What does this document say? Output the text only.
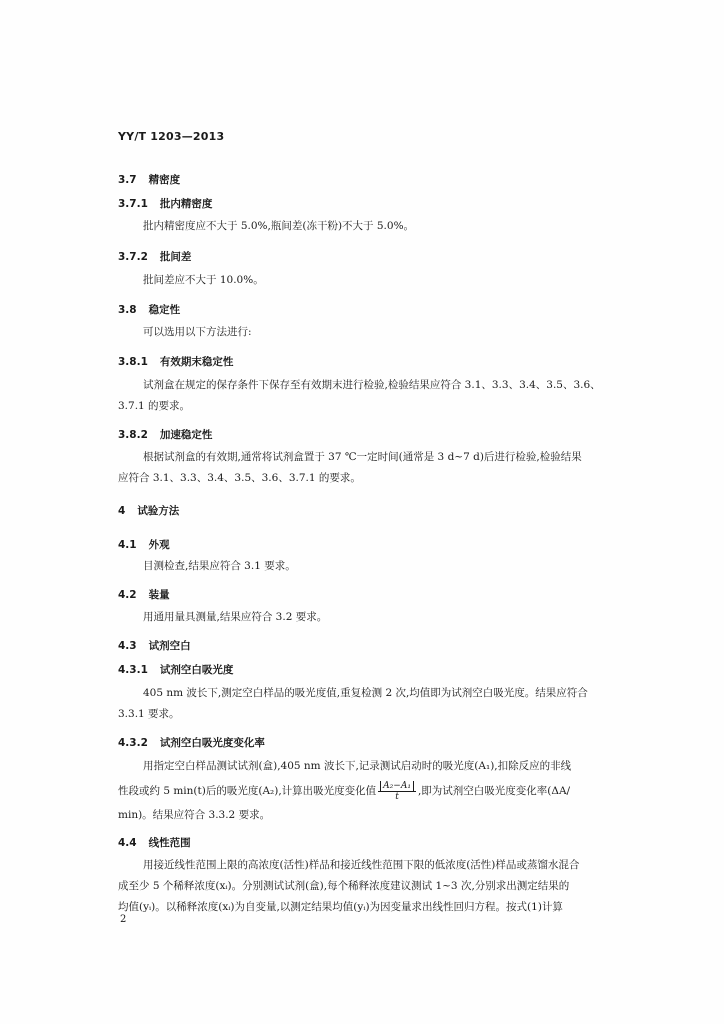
YY/T 1203—2013
3.7 精密度
3.7.1 批内精密度
批内精密度应不大于 5.0%,瓶间差(冻干粉)不大于 5.0%。
3.7.2 批间差
批间差应不大于 10.0%。
3.8 稳定性
可以选用以下方法进行:
3.8.1 有效期末稳定性
试剂盒在规定的保存条件下保存至有效期末进行检验,检验结果应符合 3.1、3.3、3.4、3.5、3.6、
3.7.1 的要求。
3.8.2 加速稳定性
根据试剂盒的有效期,通常将试剂盒置于 37 ℃一定时间(通常是 3 d~7 d)后进行检验,检验结果
应符合 3.1、3.3、3.4、3.5、3.6、3.7.1 的要求。
4 试验方法
4.1 外观
目测检查,结果应符合 3.1 要求。
4.2 装量
用通用量具测量,结果应符合 3.2 要求。
4.3 试剂空白
4.3.1 试剂空白吸光度
405 nm 波长下,测定空白样品的吸光度值,重复检测 2 次,均值即为试剂空白吸光度。结果应符合
3.3.1 要求。
4.3.2 试剂空白吸光度变化率
用指定空白样品测试试剂(盒),405 nm 波长下,记录测试启动时的吸光度(A₁),扣除反应的非线
性段或约 5 min(t)后的吸光度(A₂),计算出吸光度变化值 $\frac{\text{A₂−A₁}}{t}$ ,即为试剂空白吸光度变化率(ΔA/
min)。结果应符合 3.3.2 要求。
4.4 线性范围
用接近线性范围上限的高浓度(活性)样品和接近线性范围下限的低浓度(活性)样品或蒸馏水混合
成至少 5 个稀释浓度(xᵢ)。分别测试试剂(盒),每个稀释浓度建议测试 1~3 次,分别求出测定结果的
均值(yᵢ)。以稀释浓度(xᵢ)为自变量,以测定结果均值(yᵢ)为因变量求出线性回归方程。按式(1)计算
2
